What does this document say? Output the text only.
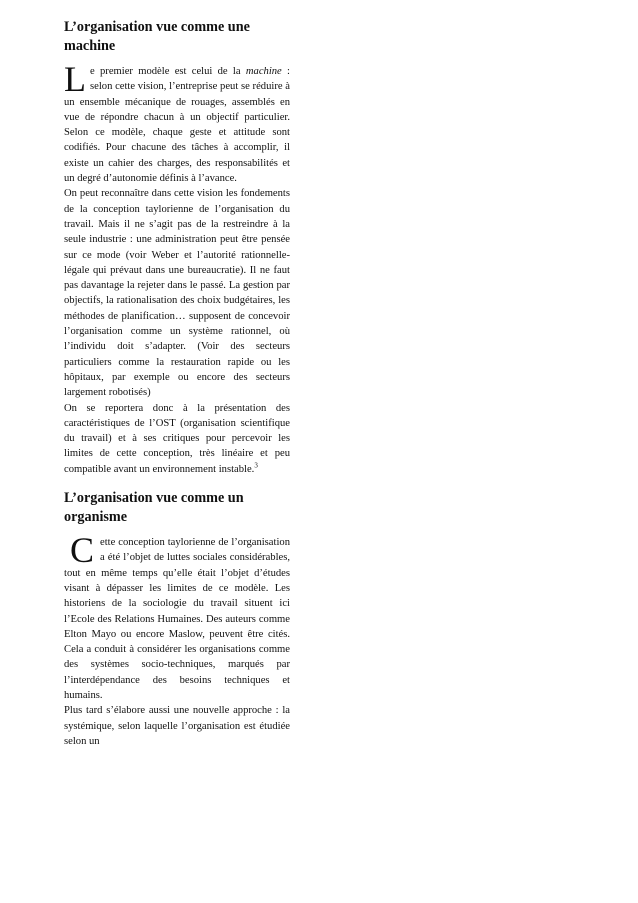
L’organisation vue comme une machine

Le premier modèle est celui de la machine : selon cette vision, l’entreprise peut se réduire à un ensemble mécanique de rouages, assemblés en vue de répondre chacun à un objectif particulier. Selon ce modèle, chaque geste et attitude sont codifiés. Pour chacune des tâches à accomplir, il existe un cahier des charges, des responsabilités et un degré d’autonomie définis à l’avance.

On peut reconnaître dans cette vision les fondements de la conception taylorienne de l’organisation du travail. Mais il ne s’agit pas de la restreindre à la seule industrie : une administration peut être pensée sur ce mode (voir Weber et l’autorité rationnelle-légale qui prévaut dans une bureaucratie). Il ne faut pas davantage la rejeter dans le passé. La gestion par objectifs, la rationalisation des choix budgétaires, les méthodes de planification… supposent de concevoir l’organisation comme un système rationnel, où l’individu doit s’adapter. (Voir des secteurs particuliers comme la restauration rapide ou les hôpitaux, par exemple ou encore des secteurs largement robotisés)

On se reportera donc à la présentation des caractéristiques de l’OST (organisation scientifique du travail) et à ses critiques pour percevoir les limites de cette conception, très linéaire et peu compatible avant un environnement instable.$^3$

L’organisation vue comme un organisme

Cette conception taylorienne de l’organisation a été l’objet de luttes sociales considérables, tout en même temps qu’elle était l’objet d’études visant à dépasser les limites de ce modèle. Les historiens de la sociologie du travail situent ici l’Ecole des Relations Humaines. Des auteurs comme Elton Mayo ou encore Maslow, peuvent être cités. Cela a conduit à considérer les organisations comme des systèmes socio-techniques, marqués par l’interdépendance des besoins techniques et humains.

Plus tard s’élabore aussi une nouvelle approche : la systémique, selon laquelle l’organisation est étudiée selon un
